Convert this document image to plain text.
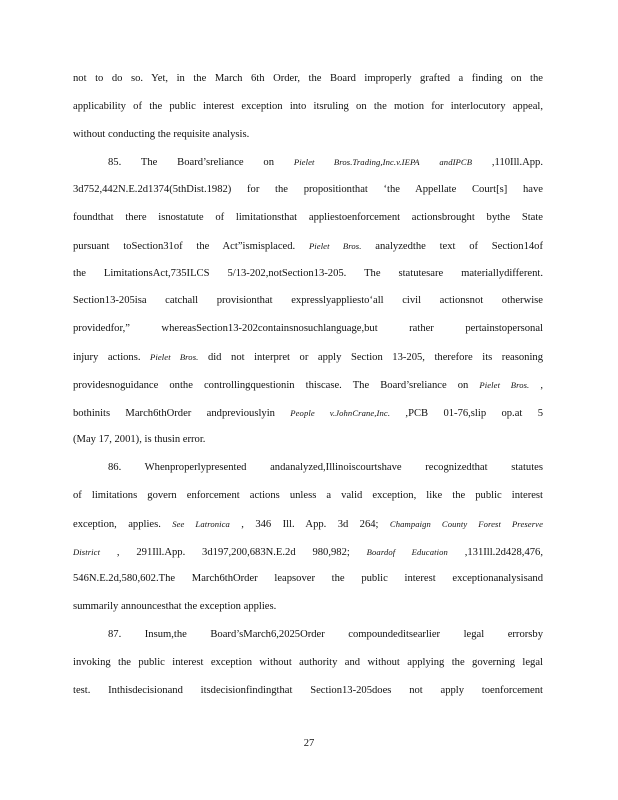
not to do so. Yet, in the March 6th Order, the Board improperly grafted a finding on the
applicability of the public interest exception into itsruling on the motion for interlocutory appeal,
without conducting the requisite analysis.
85. The Board’sreliance on Pielet Bros.Trading,Inc.v.IEPA andIPCB ,110Ill.App.
3d752,442N.E.2d1374(5thDist.1982) for the propositionthat ‘the Appellate Court[s] have
foundthat there isnostatute of limitationsthat appliestoenforcement actionsbrought bythe State
pursuant toSection31of the Act”ismisplaced. Pielet Bros. analyzedthe text of Section14of
the LimitationsAct,735ILCS 5/13-202,notSection13-205. The statutesare materiallydifferent.
Section13-205isa catchall provisionthat expresslyappliesto‘all civil actionsnot otherwise
providedfor,” whereasSection13-202containsnosuchlanguage,but rather pertainstopersonal
injury actions. Pielet Bros. did not interpret or apply Section 13-205, therefore its reasoning
providesnoguidance onthe controllingquestionin thiscase. The Board’sreliance on Pielet Bros. ,
bothinits March6thOrder andpreviouslyin People v.JohnCrane,Inc. ,PCB 01-76,slip op.at 5
(May 17, 2001), is thusin error.
86. Whenproperlypresented andanalyzed,Illinoiscourtshave recognizedthat statutes
of limitations govern enforcement actions unless a valid exception, like the public interest
exception, applies. See Latronica , 346 Ill. App. 3d 264; Champaign County Forest Preserve
District , 291Ill.App. 3d197,200,683N.E.2d 980,982; Boardof Education ,131Ill.2d428,476,
546N.E.2d,580,602.The March6thOrder leapsover the public interest exceptionanalysisand
summarily announcesthat the exception applies.
87. Insum,the Board’sMarch6,2025Order compoundeditsearlier legal errorsby
invoking the public interest exception without authority and without applying the governing legal
test. Inthisdecisionand itsdecisionfindingthat Section13-205does not apply toenforcement
27
